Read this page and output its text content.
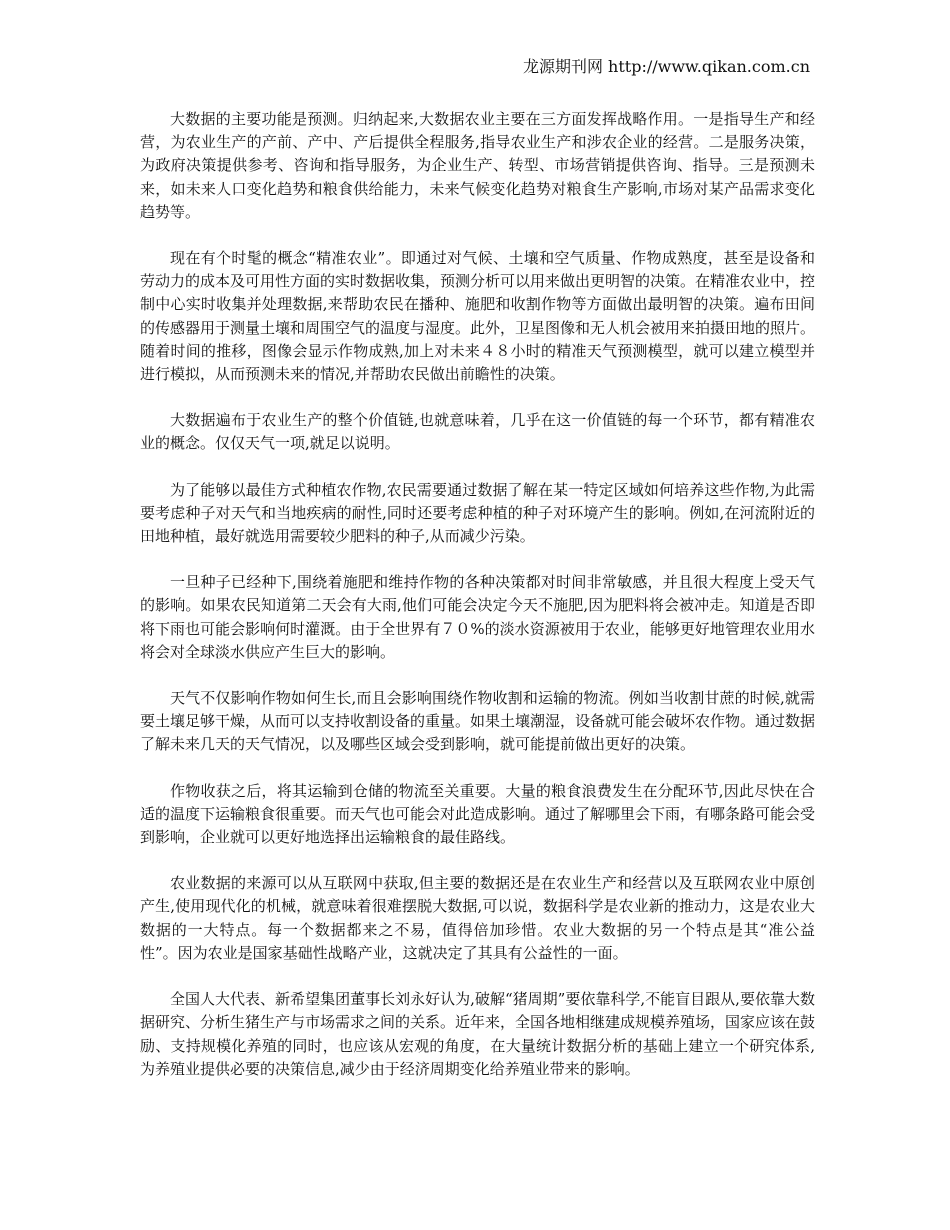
龙源期刊网 http://www.qikan.com.cn

大数据的主要功能是预测。归纳起来,大数据农业主要在三方面发挥战略作用。一是指导生产和经营，为农业生产的产前、产中、产后提供全程服务,指导农业生产和涉农企业的经营。二是服务决策，为政府决策提供参考、咨询和指导服务，为企业生产、转型、市场营销提供咨询、指导。三是预测未来，如未来人口变化趋势和粮食供给能力，未来气候变化趋势对粮食生产影响,市场对某产品需求变化趋势等。

现在有个时髦的概念“精准农业”。即通过对气候、土壤和空气质量、作物成熟度，甚至是设备和劳动力的成本及可用性方面的实时数据收集，预测分析可以用来做出更明智的决策。在精准农业中，控制中心实时收集并处理数据,来帮助农民在播种、施肥和收割作物等方面做出最明智的决策。遍布田间的传感器用于测量土壤和周围空气的温度与湿度。此外，卫星图像和无人机会被用来拍摄田地的照片。随着时间的推移，图像会显示作物成熟,加上对未来４８小时的精准天气预测模型，就可以建立模型并进行模拟，从而预测未来的情况,并帮助农民做出前瞻性的决策。

大数据遍布于农业生产的整个价值链,也就意味着，几乎在这一价值链的每一个环节，都有精准农业的概念。仅仅天气一项,就足以说明。

为了能够以最佳方式种植农作物,农民需要通过数据了解在某一特定区域如何培养这些作物,为此需要考虑种子对天气和当地疾病的耐性,同时还要考虑种植的种子对环境产生的影响。例如,在河流附近的田地种植，最好就选用需要较少肥料的种子,从而减少污染。

一旦种子已经种下,围绕着施肥和维持作物的各种决策都对时间非常敏感，并且很大程度上受天气的影响。如果农民知道第二天会有大雨,他们可能会决定今天不施肥,因为肥料将会被冲走。知道是否即将下雨也可能会影响何时灌溉。由于全世界有７０%的淡水资源被用于农业，能够更好地管理农业用水将会对全球淡水供应产生巨大的影响。

天气不仅影响作物如何生长,而且会影响围绕作物收割和运输的物流。例如当收割甘蔗的时候,就需要土壤足够干燥，从而可以支持收割设备的重量。如果土壤潮湿，设备就可能会破坏农作物。通过数据了解未来几天的天气情况，以及哪些区域会受到影响，就可能提前做出更好的决策。

作物收获之后，将其运输到仓储的物流至关重要。大量的粮食浪费发生在分配环节,因此尽快在合适的温度下运输粮食很重要。而天气也可能会对此造成影响。通过了解哪里会下雨，有哪条路可能会受到影响，企业就可以更好地选择出运输粮食的最佳路线。

农业数据的来源可以从互联网中获取,但主要的数据还是在农业生产和经营以及互联网农业中原创产生,使用现代化的机械，就意味着很难摆脱大数据,可以说，数据科学是农业新的推动力，这是农业大数据的一大特点。每一个数据都来之不易，值得倍加珍惜。农业大数据的另一个特点是其“准公益性”。因为农业是国家基础性战略产业，这就决定了其具有公益性的一面。

全国人大代表、新希望集团董事长刘永好认为,破解“猪周期”要依靠科学,不能盲目跟从,要依靠大数据研究、分析生猪生产与市场需求之间的关系。近年来，全国各地相继建成规模养殖场，国家应该在鼓励、支持规模化养殖的同时，也应该从宏观的角度，在大量统计数据分析的基础上建立一个研究体系,为养殖业提供必要的决策信息,减少由于经济周期变化给养殖业带来的影响。
